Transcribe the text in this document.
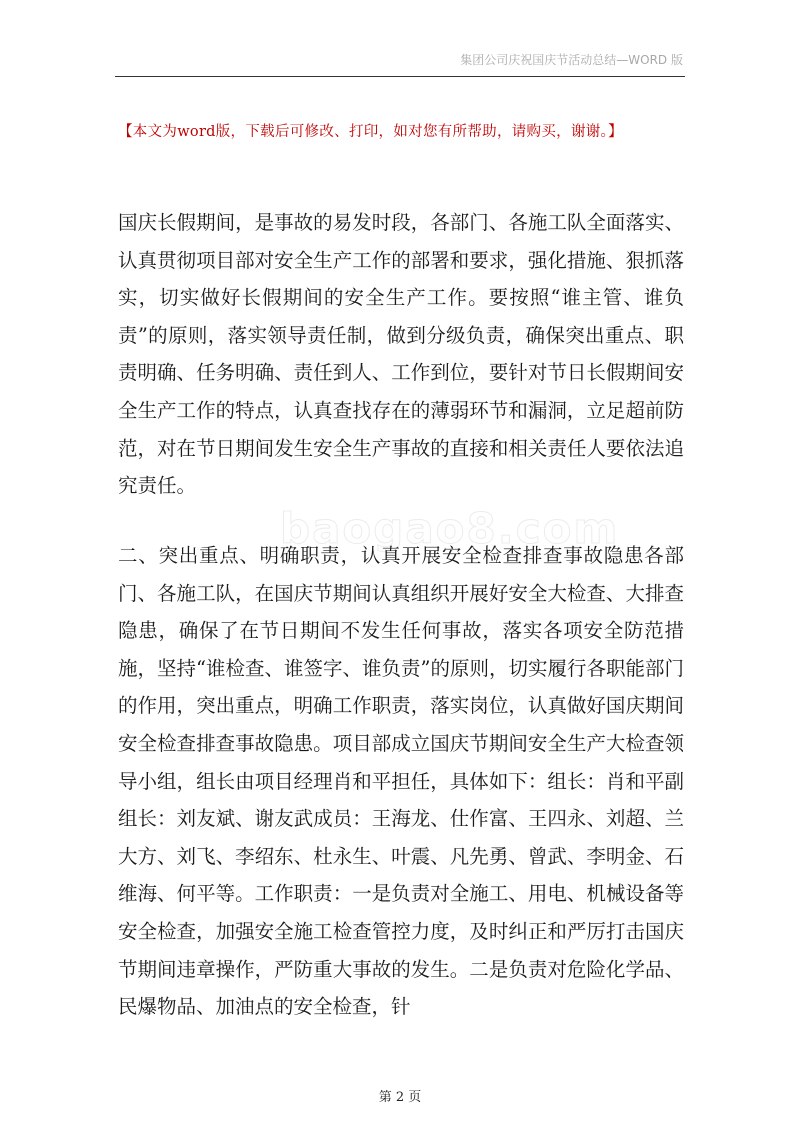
集团公司庆祝国庆节活动总结—WORD 版
【本文为word版，下载后可修改、打印，如对您有所帮助，请购买，谢谢。】
baogao8.com

国庆长假期间，是事故的易发时段，各部门、各施工队全面落实、认真贯彻项目部对安全生产工作的部署和要求，强化措施、狠抓落实，切实做好长假期间的安全生产工作。要按照“谁主管、谁负责”的原则，落实领导责任制，做到分级负责，确保突出重点、职责明确、任务明确、责任到人、工作到位，要针对节日长假期间安全生产工作的特点，认真查找存在的薄弱环节和漏洞，立足超前防范，对在节日期间发生安全生产事故的直接和相关责任人要依法追究责任。

二、突出重点、明确职责，认真开展安全检查排查事故隐患各部门、各施工队，在国庆节期间认真组织开展好安全大检查、大排查隐患，确保了在节日期间不发生任何事故，落实各项安全防范措施，坚持“谁检查、谁签字、谁负责”的原则，切实履行各职能部门的作用，突出重点，明确工作职责，落实岗位，认真做好国庆期间安全检查排查事故隐患。项目部成立国庆节期间安全生产大检查领导小组，组长由项目经理肖和平担任，具体如下：组长：肖和平副组长：刘友斌、谢友武成员：王海龙、仕作富、王四永、刘超、兰大方、刘飞、李绍东、杜永生、叶震、凡先勇、曾武、李明金、石维海、何平等。工作职责：一是负责对全施工、用电、机械设备等安全检查，加强安全施工检查管控力度，及时纠正和严厉打击国庆节期间违章操作，严防重大事故的发生。二是负责对危险化学品、民爆物品、加油点的安全检查，针

第 2 页
